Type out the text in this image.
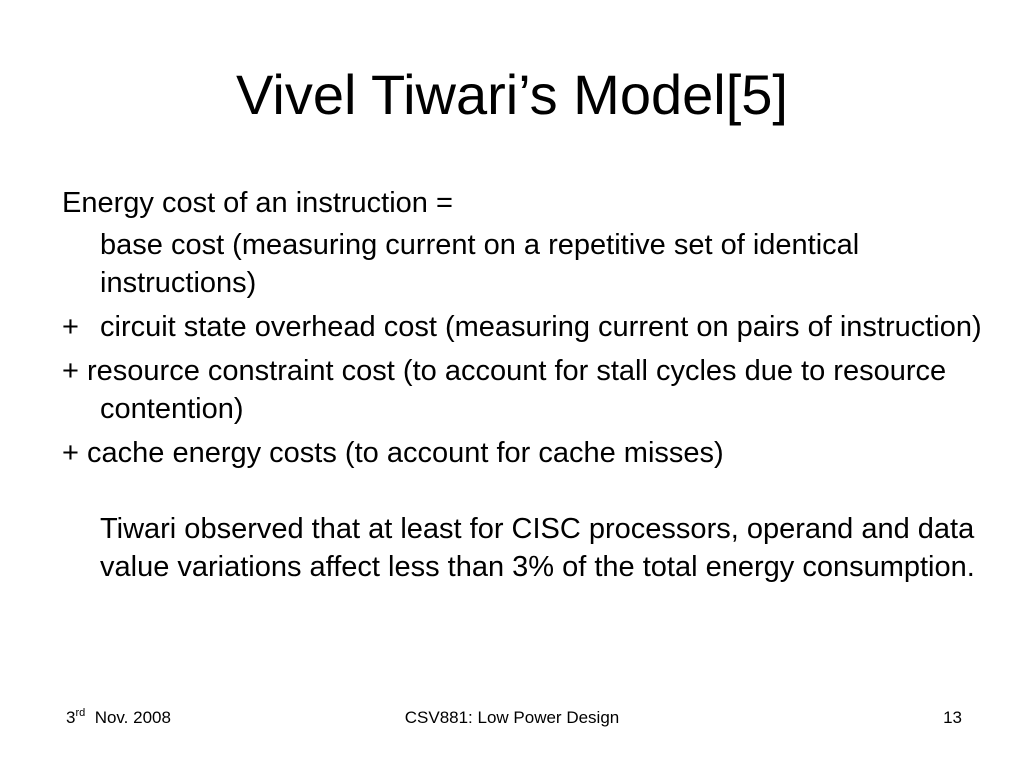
Vivel Tiwari’s Model[5]

Energy cost of an instruction =

base cost (measuring current on a repetitive set of identical instructions)

+ circuit state overhead cost (measuring current on pairs of instruction)

+ resource constraint cost (to account for stall cycles due to resource contention)

+ cache energy costs (to account for cache misses)

Tiwari observed that at least for CISC processors, operand and data value variations affect less than 3% of the total energy consumption.

3rd Nov. 2008	CSV881: Low Power Design	13
